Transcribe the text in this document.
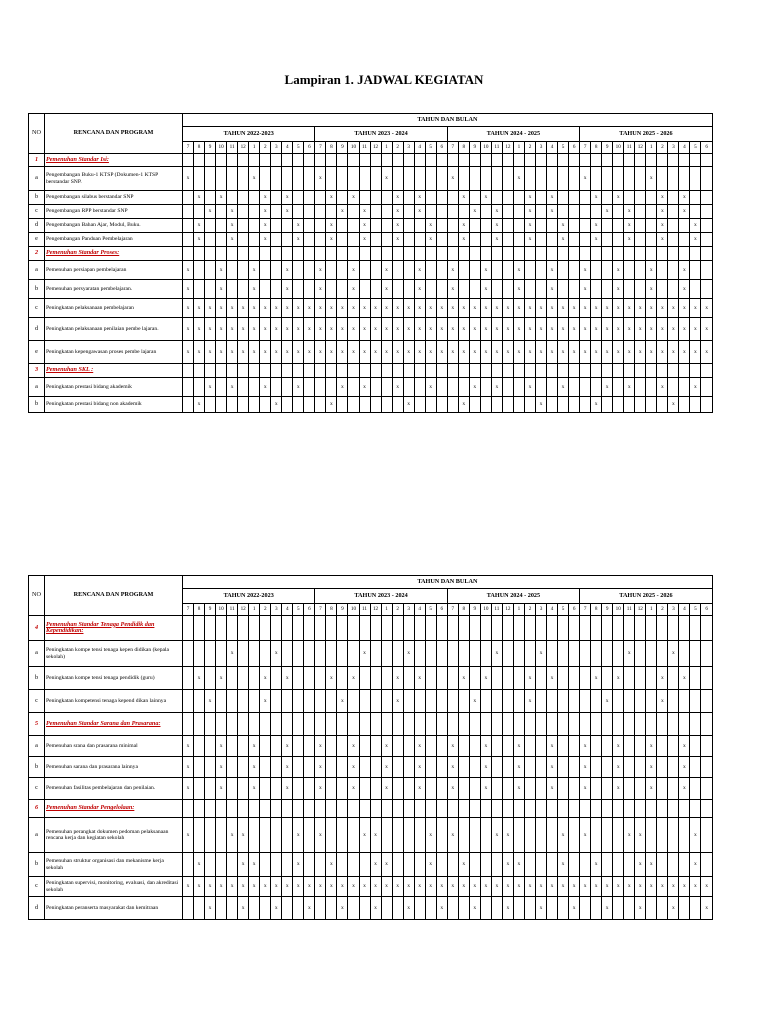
Lampiran 1. JADWAL KEGIATAN
NO	RENCANA DAN PROGRAM	TAHUN DAN BULAN																																															
		TAHUN 2022-2023												TAHUN 2023 - 2024												TAHUN 2024 - 2025												TAHUN 2025 - 2026											
		7	8	9	10	11	12	1	2	3	4	5	6	7	8	9	10	11	12	1	2	3	4	5	6	7	8	9	10	11	12	1	2	3	4	5	6	7	8	9	10	11	12	1	2	3	4	5	6
1	Pemenuhan Standar Isi:																																																
a	Pengembangan Buku-1 KTSP (Dokumen-1 KTSP berstandar SNP.	x						x						x						x						x						x						x						x					
b	Pengembangan silabus berstandar SNP		x		x				x		x				x		x				x		x				x		x				x		x				x		x				x		x		
c	Pengembangan RPP berstandar SNP			x		x			x		x					x		x			x		x					x		x			x		x					x		x			x		x		
d	Pengembangan Bahan Ajar, Modul, Buku.		x			x			x			x			x			x			x			x			x			x			x			x			x			x			x			x	
e	Pengembangan Panduan Pembelajaran		x			x			x			x			x			x			x			x			x			x			x			x			x			x			x			x	
2	Pemenuhan Standar Proses:																																																
a	Pemenuhan persiapan pembelajaran	x			x			x			x			x			x			x			x			x			x			x			x			x			x			x			x		
b	Pemenuhan persyaratan pembelajaran.	x			x			x			x			x			x			x			x			x			x			x			x			x			x			x			x		
c	Peningkatan pelaksanaan pembelajaran	x	x	x	x	x	x	x	x	x	x	x	x	x	x	x	x	x	x	x	x	x	x	x	x	x	x	x	x	x	x	x	x	x	x	x	x	x	x	x	x	x	x	x	x	x	x	x	x
d	Peningkatan pelaksanaan penilaian pembe lajaran.	x	x	x	x	x	x	x	x	x	x	x	x	x	x	x	x	x	x	x	x	x	x	x	x	x	x	x	x	x	x	x	x	x	x	x	x	x	x	x	x	x	x	x	x	x	x	x	x
e	Peningkatan kepengawasan proses pembe lajaran	x	x	x	x	x	x	x	x	x	x	x	x	x	x	x	x	x	x	x	x	x	x	x	x	x	x	x	x	x	x	x	x	x	x	x	x	x	x	x	x	x	x	x	x	x	x	x	x
3	Pemenuhan SKL :																																																
a	Peningkatan prestasi bidang akademik			x		x			x			x				x		x			x			x				x		x			x			x				x		x			x			x	
b	Peningkatan prestasi bidang non akademik		x							x					x							x					x							x					x							x			
NO	RENCANA DAN PROGRAM	TAHUN DAN BULAN																																															
		TAHUN 2022-2023												TAHUN 2023 - 2024												TAHUN 2024 - 2025												TAHUN 2025 - 2026											
		7	8	9	10	11	12	1	2	3	4	5	6	7	8	9	10	11	12	1	2	3	4	5	6	7	8	9	10	11	12	1	2	3	4	5	6	7	8	9	10	11	12	1	2	3	4	5	6
4	Pemenuhan Standar Tenaga Pendidik dan Kependidikan:																																																
a	Peningkatan kompe tensi tenaga kepen didikan (kepala sekolah)					x				x								x				x								x				x								x				x			
b	Peningkatan kompe tensi tenaga pendidik (guru)		x		x				x		x				x		x				x		x				x		x				x		x				x		x				x		x		
c	Peningkatan kompetensi tenaga kepend dikan lainnya			x					x							x					x							x					x							x					x				
5	Pemenuhan Standar Sarana dan Prasarana:																																																
a	Pemenuhan srana dan prasarana minimal	x			x			x			x			x			x			x			x			x			x			x			x			x			x			x			x		
b	Pemenuhan sarana dan prasarana lainnya	x			x			x			x			x			x			x			x			x			x			x			x			x			x			x			x		
c	Pemenuhan fasilitas pembelajaran dan penilaian.	x			x			x			x			x			x			x			x			x			x			x			x			x			x			x			x		
6	Pemenuhan Standar Pengelolaan:																																																
a	Pemenuhan perangkat dokumen pedoman pelaksanaan rencana kerja dan kegiatan sekolah	x				x	x					x		x				x	x					x		x				x	x					x		x				x	x					x	
b	Pemenuhan struktur organisasi dan mekanisme kerja sekolah		x				x	x				x			x				x	x				x			x				x	x				x			x				x	x				x	
c	Peningkatan supervisi, monitoring, evaluasi, dan akreditasi sekolah	x	x	x	x	x	x	x	x	x	x	x	x	x	x	x	x	x	x	x	x	x	x	x	x	x	x	x	x	x	x	x	x	x	x	x	x	x	x	x	x	x	x	x	x	x	x	x	x
d	Peningkatan peranserta masyarakat dan kemitraan			x			x			x			x			x			x			x			x			x			x			x			x			x			x			x			x
